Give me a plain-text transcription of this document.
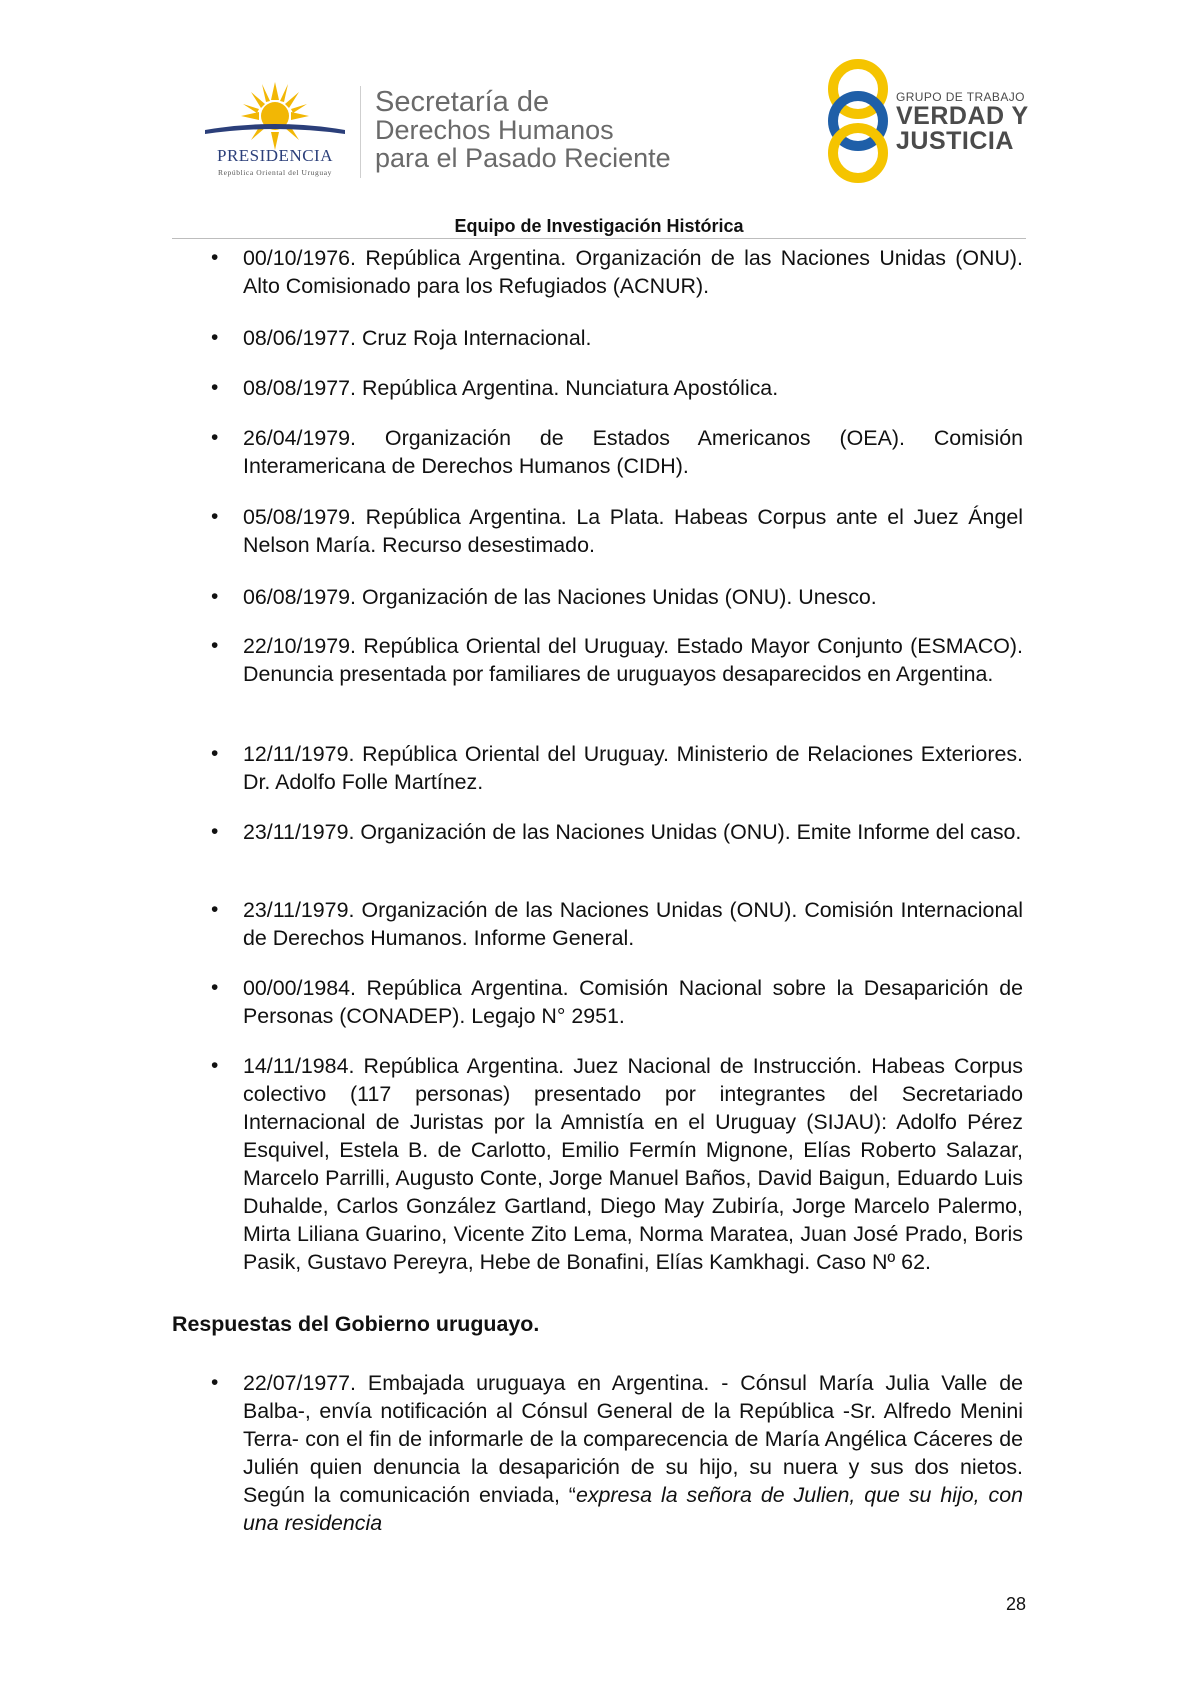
PRESIDENCIA
República Oriental del Uruguay
Secretaría de
Derechos Humanos
para el Pasado Reciente
GRUPO DE TRABAJO
VERDAD Y
JUSTICIA
Equipo de Investigación Histórica
• 00/10/1976. República Argentina. Organización de las Naciones Unidas (ONU). Alto Comisionado para los Refugiados (ACNUR).
• 08/06/1977. Cruz Roja Internacional.
• 08/08/1977. República Argentina. Nunciatura Apostólica.
• 26/04/1979. Organización de Estados Americanos (OEA). Comisión Interamericana de Derechos Humanos (CIDH).
• 05/08/1979. República Argentina. La Plata. Habeas Corpus ante el Juez Ángel Nelson María. Recurso desestimado.
• 06/08/1979. Organización de las Naciones Unidas (ONU). Unesco.
• 22/10/1979. República Oriental del Uruguay. Estado Mayor Conjunto (ESMACO). Denuncia presentada por familiares de uruguayos desaparecidos en Argentina.
• 12/11/1979. República Oriental del Uruguay. Ministerio de Relaciones Exteriores. Dr. Adolfo Folle Martínez.
• 23/11/1979. Organización de las Naciones Unidas (ONU). Emite Informe del caso.
• 23/11/1979. Organización de las Naciones Unidas (ONU). Comisión Internacional de Derechos Humanos. Informe General.
• 00/00/1984. República Argentina. Comisión Nacional sobre la Desaparición de Personas (CONADEP). Legajo N° 2951.
• 14/11/1984. República Argentina. Juez Nacional de Instrucción. Habeas Corpus colectivo (117 personas) presentado por integrantes del Secretariado Internacional de Juristas por la Amnistía en el Uruguay (SIJAU): Adolfo Pérez Esquivel, Estela B. de Carlotto, Emilio Fermín Mignone, Elías Roberto Salazar, Marcelo Parrilli, Augusto Conte, Jorge Manuel Baños, David Baigun, Eduardo Luis Duhalde, Carlos González Gartland, Diego May Zubiría, Jorge Marcelo Palermo, Mirta Liliana Guarino, Vicente Zito Lema, Norma Maratea, Juan José Prado, Boris Pasik, Gustavo Pereyra, Hebe de Bonafini, Elías Kamkhagi. Caso Nº 62.
Respuestas del Gobierno uruguayo.
• 22/07/1977. Embajada uruguaya en Argentina. - Cónsul María Julia Valle de Balba-, envía notificación al Cónsul General de la República -Sr. Alfredo Menini Terra- con el fin de informarle de la comparecencia de María Angélica Cáceres de Julién quien denuncia la desaparición de su hijo, su nuera y sus dos nietos. Según la comunicación enviada, “expresa la señora de Julien, que su hijo, con una residencia
28
